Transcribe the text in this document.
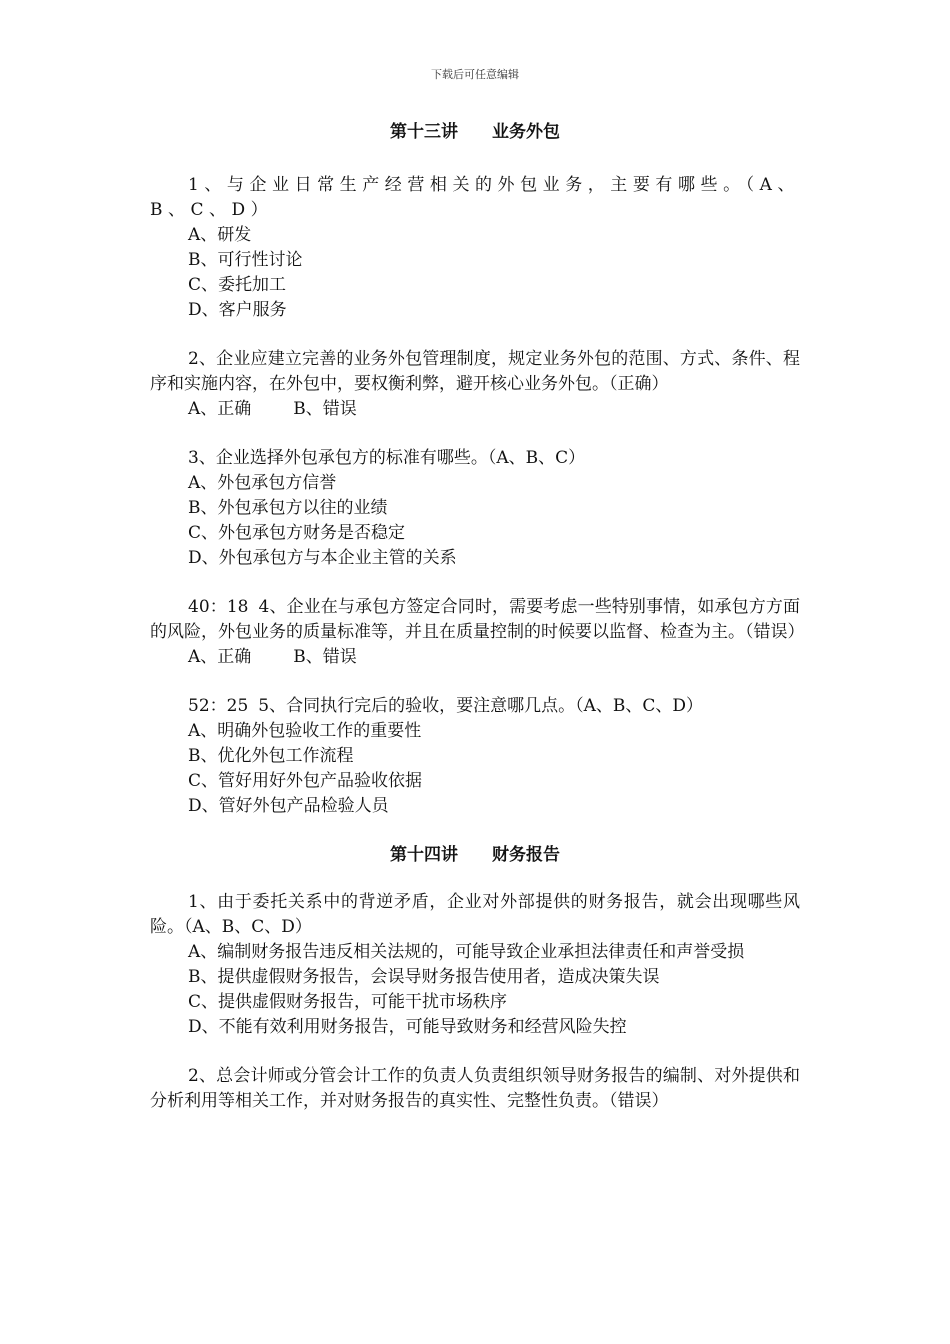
下载后可任意编辑
第十三讲　　业务外包
1、与企业日常生产经营相关的外包业务，主要有哪些。（A、B、C、D）
A、研发
B、可行性讨论
C、委托加工
D、客户服务
2、企业应建立完善的业务外包管理制度，规定业务外包的范围、方式、条件、程序和实施内容，在外包中，要权衡利弊，避开核心业务外包。（正确）
A、正确 B、错误
3、企业选择外包承包方的标准有哪些。（A、B、C）
A、外包承包方信誉
B、外包承包方以往的业绩
C、外包承包方财务是否稳定
D、外包承包方与本企业主管的关系
40：18 4、企业在与承包方签定合同时，需要考虑一些特别事情，如承包方方面的风险，外包业务的质量标准等，并且在质量控制的时候要以监督、检查为主。（错误）
A、正确 B、错误
52：25 5、合同执行完后的验收，要注意哪几点。（A、B、C、D）
A、明确外包验收工作的重要性
B、优化外包工作流程
C、管好用好外包产品验收依据
D、管好外包产品检验人员
第十四讲　　财务报告
1、由于委托关系中的背逆矛盾，企业对外部提供的财务报告，就会出现哪些风险。（A、B、C、D）
A、编制财务报告违反相关法规的，可能导致企业承担法律责任和声誉受损
B、提供虚假财务报告，会误导财务报告使用者，造成决策失误
C、提供虚假财务报告，可能干扰市场秩序
D、不能有效利用财务报告，可能导致财务和经营风险失控
2、总会计师或分管会计工作的负责人负责组织领导财务报告的编制、对外提供和分析利用等相关工作，并对财务报告的真实性、完整性负责。（错误）
